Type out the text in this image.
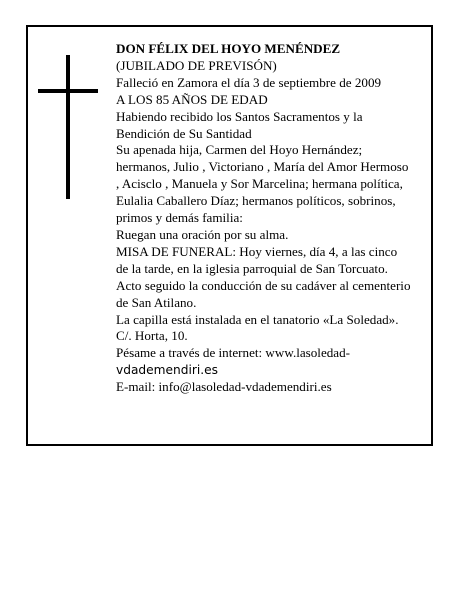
DON FÉLIX DEL HOYO MENÉNDEZ
(JUBILADO DE PREVISÓN)
Falleció en Zamora el día 3 de septiembre de 2009
A LOS 85 AÑOS DE EDAD
Habiendo recibido los Santos Sacramentos y la
Bendición de Su Santidad
Su apenada hija, Carmen del Hoyo Hernández;
hermanos, Julio , Victoriano , María del Amor Hermoso
, Acisclo , Manuela y Sor Marcelina; hermana política,
Eulalia Caballero Díaz; hermanos políticos, sobrinos,
primos y demás familia:
Ruegan una oración por su alma.
MISA DE FUNERAL: Hoy viernes, día 4, a las cinco
de la tarde, en la iglesia parroquial de San Torcuato.
Acto seguido la conducción de su cadáver al cementerio
de San Atilano.
La capilla está instalada en el tanatorio «La Soledad».
C/. Horta, 10.
Pésame a través de internet: www.lasoledad-
vdademendiri.es
E-mail: info@lasoledad-vdademendiri.es
